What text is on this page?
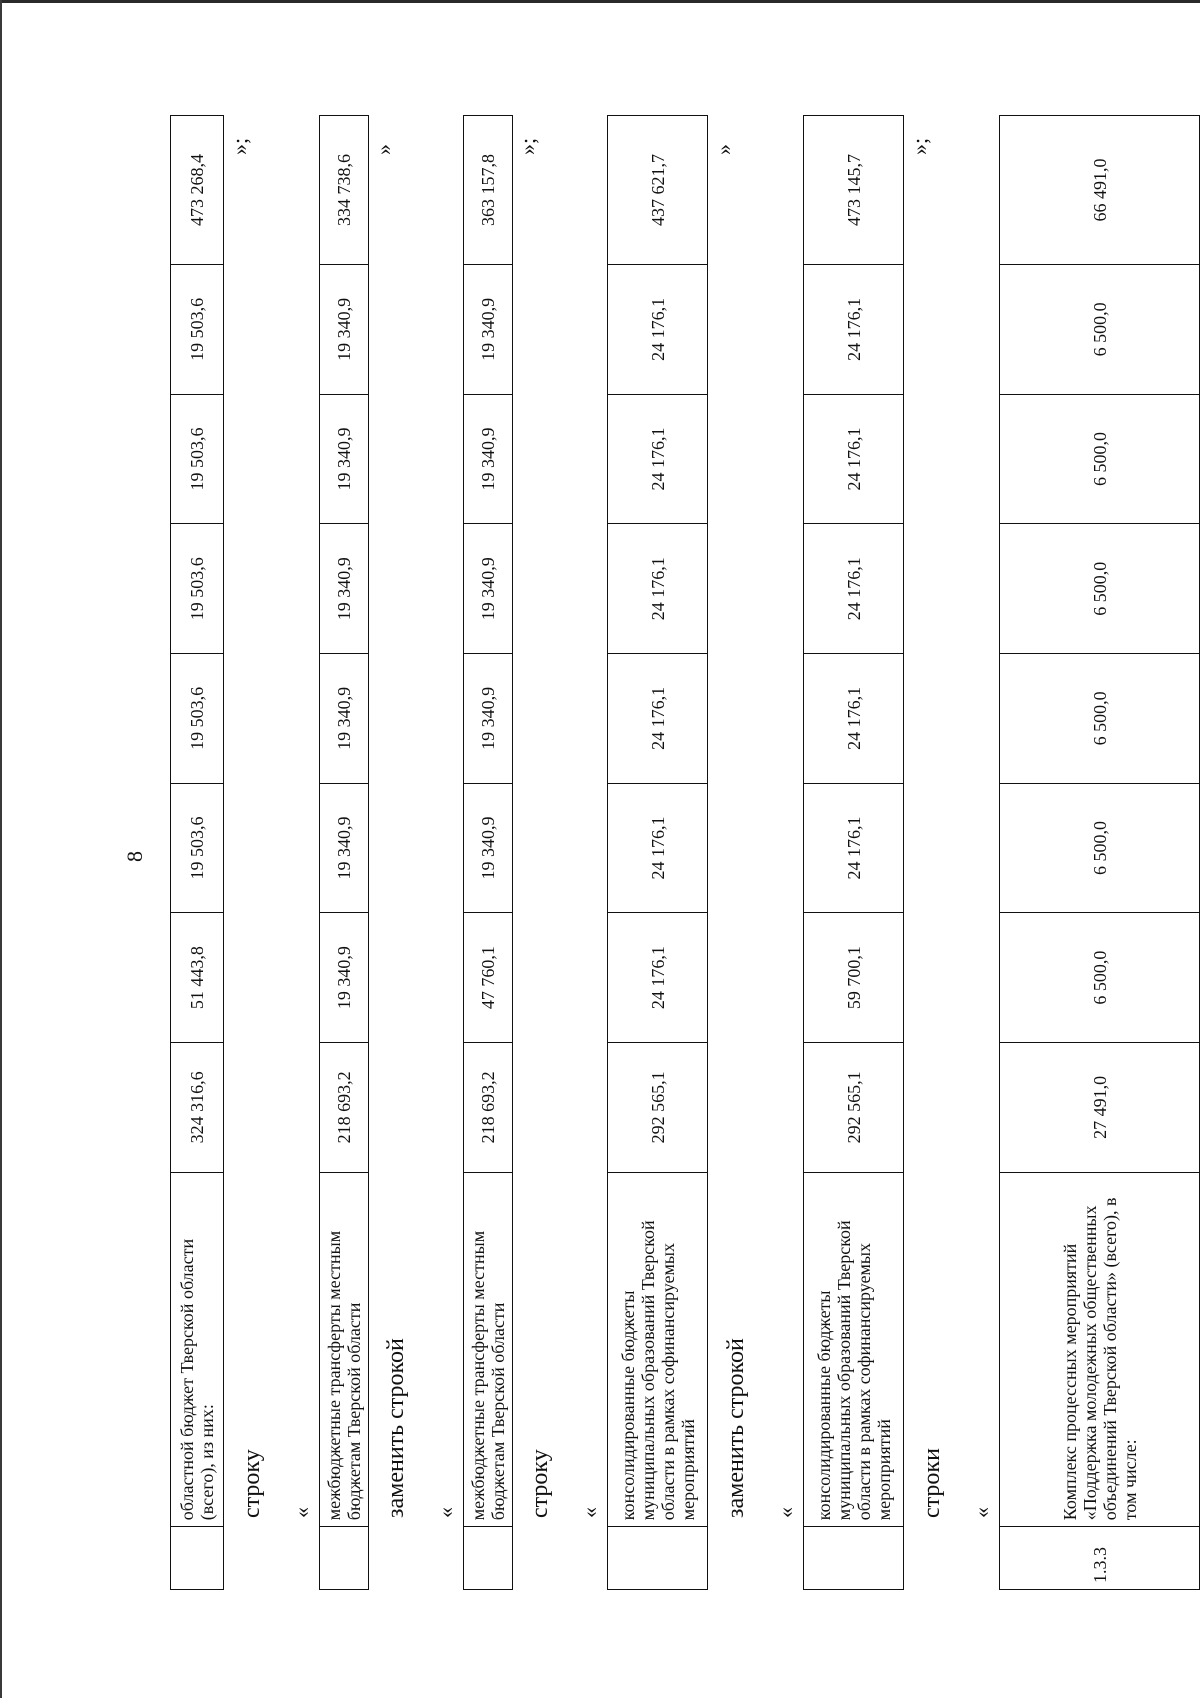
8
	областной бюджет Тверской области (всего), из них:	324 316,6	51 443,8	19 503,6	19 503,6	19 503,6	19 503,6	19 503,6	473 268,4
»;
строку «
	межбюджетные трансферты местным бюджетам Тверской области	218 693,2	19 340,9	19 340,9	19 340,9	19 340,9	19 340,9	19 340,9	334 738,6
»
заменить строкой «
	межбюджетные трансферты местным бюджетам Тверской области	218 693,2	47 760,1	19 340,9	19 340,9	19 340,9	19 340,9	19 340,9	363 157,8
»;
строку «
	консолидированные бюджеты муниципальных образований Тверской области в рамках софинансируемых мероприятий	292 565,1	24 176,1	24 176,1	24 176,1	24 176,1	24 176,1	24 176,1	437 621,7
»
заменить строкой «
	консолидированные бюджеты муниципальных образований Тверской области в рамках софинансируемых мероприятий	292 565,1	59 700,1	24 176,1	24 176,1	24 176,1	24 176,1	24 176,1	473 145,7
»;
строки «
1.3.3	Комплекс процессных мероприятий «Поддержка молодежных общественных объединений Тверской области» (всего), в том числе:	27 491,0	6 500,0	6 500,0	6 500,0	6 500,0	6 500,0	6 500,0	66 491,0
